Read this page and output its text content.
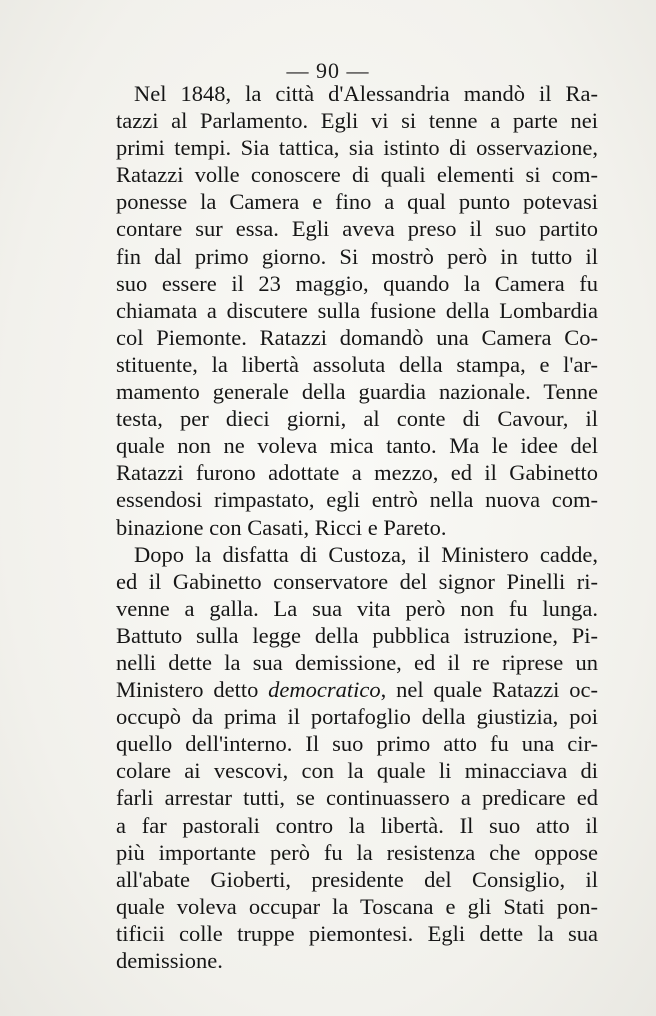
— 90 —
Nel 1848, la città d'Alessandria mandò il Ra-
tazzi al Parlamento. Egli vi si tenne a parte nei
primi tempi. Sia tattica, sia istinto di osservazione,
Ratazzi volle conoscere di quali elementi si com-
ponesse la Camera e fino a qual punto potevasi
contare sur essa. Egli aveva preso il suo partito
fin dal primo giorno. Si mostrò però in tutto il
suo essere il 23 maggio, quando la Camera fu
chiamata a discutere sulla fusione della Lombardia
col Piemonte. Ratazzi domandò una Camera Co-
stituente, la libertà assoluta della stampa, e l'ar-
mamento generale della guardia nazionale. Tenne
testa, per dieci giorni, al conte di Cavour, il
quale non ne voleva mica tanto. Ma le idee del
Ratazzi furono adottate a mezzo, ed il Gabinetto
essendosi rimpastato, egli entrò nella nuova com-
binazione con Casati, Ricci e Pareto.
Dopo la disfatta di Custoza, il Ministero cadde,
ed il Gabinetto conservatore del signor Pinelli ri-
venne a galla. La sua vita però non fu lunga.
Battuto sulla legge della pubblica istruzione, Pi-
nelli dette la sua demissione, ed il re riprese un
Ministero detto democratico, nel quale Ratazzi oc-
occupò da prima il portafoglio della giustizia, poi
quello dell'interno. Il suo primo atto fu una cir-
colare ai vescovi, con la quale li minacciava di
farli arrestar tutti, se continuassero a predicare ed
a far pastorali contro la libertà. Il suo atto il
più importante però fu la resistenza che oppose
all'abate Gioberti, presidente del Consiglio, il
quale voleva occupar la Toscana e gli Stati pon-
tificii colle truppe piemontesi. Egli dette la sua
demissione.
